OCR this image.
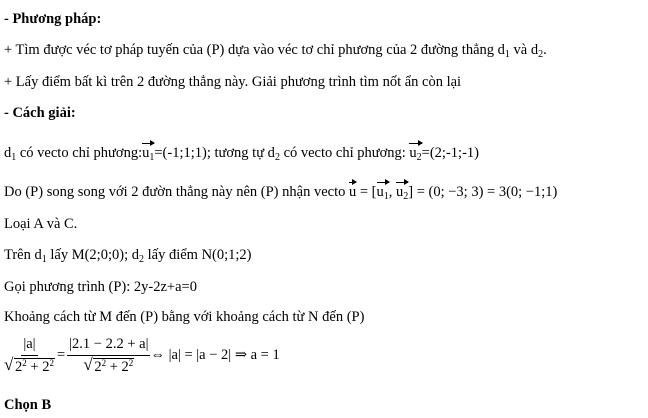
- Phương pháp:
+ Tìm được véc tơ pháp tuyến của (P) dựa vào véc tơ chỉ phương của 2 đường thẳng $d_1$ và $d_2$.
+ Lấy điểm bất kì trên 2 đường thẳng này. Giải phương trình tìm nốt ẩn còn lại
- Cách giải:
$d_1$ có vecto chỉ $phương:u_1=(-1;1;1)$; tương tự $d_2$ có vecto chỉ phương: $u_2=(2;-1;-1)$
Do (P) song song với 2 đườn thẳng này nên (P) nhận vecto $u = [u_1$, $u_2] = (0$; −3; 3) = 3(0; −1;1)
Loại A và C.
Trên $d_1$ lấy M(2;0;0); $d_2$ lấy điểm N(0;1;2)
Gọi phương trình (P): 2y-2z+a=0
Khoảng cách từ M đến (P) bằng với khoảng cách từ N đến (P)
$\frac{|a|}{√ 2^2 + 2^2} = \frac{|2.1 - 2.2 + a|}{√ 2^2 + 2^2}$ ⇔ |a| = |a − 2| ⇒ a = 1
Chọn B
